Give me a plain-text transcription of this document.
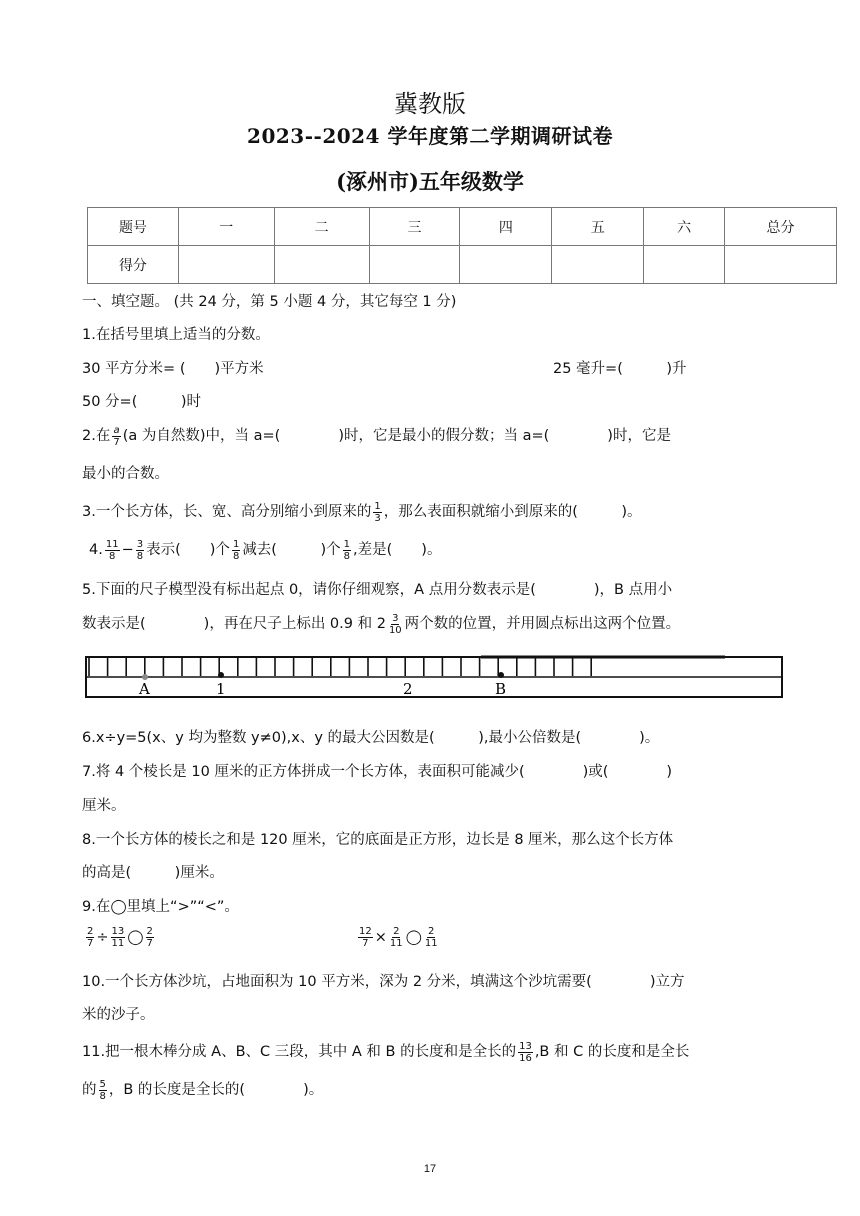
冀教版
2023--2024 学年度第二学期调研试卷
(涿州市)五年级数学
题号	一	二	三	四	五	六	总分
得分							
一、填空题。 (共 24 分，第 5 小题 4 分，其它每空 1 分)
1.在括号里填上适当的分数。
30 平方分米= (　　)平方米	25 毫升=(　　　)升
50 分=(　　　)时
2.在 $\frac{a}{7} (a$ 为自然数)中，当 a=(　　　　)时，它是最小的假分数；当 a=(　　　　)时，它是
最小的合数。
3.一个长方体，长、宽、高分别缩小到原来的 $\frac{1}{3}$ ，那么表面积就缩小到原来的(　　　)。
4. $\frac{11}{8} - \frac{3}{8}$ 表示(　　)个 $\frac{1}{8}$ 减去(　　　)个 $\frac{1}{8}$ ,差是(　　)。
5.下面的尺子模型没有标出起点 0，请你仔细观察，A 点用分数表示是(　　　　)，B 点用小
数表示是(　　　　)，再在尺子上标出 0.9 和 $2 \frac{3}{10}$ 两个数的位置，并用圆点标出这两个位置。
A	1	2	B
6.x÷y=5(x、y 均为整数 y≠0),x、y 的最大公因数是(　　　),最小公倍数是(　　　　)。
7.将 4 个棱长是 10 厘米的正方体拼成一个长方体，表面积可能减少(　　　　)或(　　　　)
厘米。
8.一个长方体的棱长之和是 120 厘米，它的底面是正方形，边长是 8 厘米，那么这个长方体
的高是(　　　)厘米。
9.在◯里填上“>”“<”。
$\frac{2}{7} \div \frac{13}{11}$ ◯ $\frac{2}{7}$	$\frac{12}{7} \times \frac{2}{11}$ ◯ $\frac{2}{11}$
10.一个长方体沙坑，占地面积为 10 平方米，深为 2 分米，填满这个沙坑需要(　　　　)立方
米的沙子。
11.把一根木棒分成 A、B、C 三段，其中 A 和 B 的长度和是全长的 $\frac{13}{16} ,B$ 和 C 的长度和是全长
的 $\frac{5}{8}$ ，B 的长度是全长的(　　　　)。
17
